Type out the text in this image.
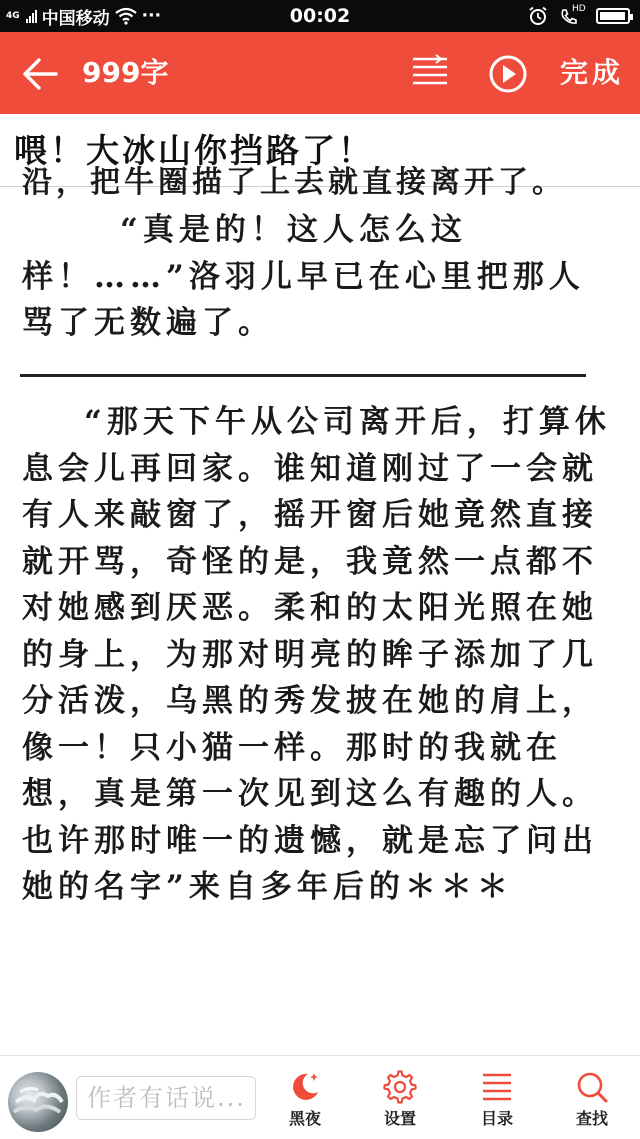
4G 中国移动 ···	00:02	HD
999字	完成
喂！大冰山你挡路了！
沿，把牛圈描了上去就直接离开了。

“真是的！这人怎么这样！……”洛羽儿早已在心里把那人骂了无数遍了。

“那天下午从公司离开后，打算休息会儿再回家。谁知道刚过了一会就有人来敲窗了，摇开窗后她竟然直接就开骂，奇怪的是，我竟然一点都不对她感到厌恶。柔和的太阳光照在她的身上，为那对明亮的眸子添加了几分活泼，乌黑的秀发披在她的肩上，像一！只小猫一样。那时的我就在想，真是第一次见到这么有趣的人。也许那时唯一的遗憾，就是忘了问出她的名字”来自多年后的＊＊＊

作者有话说...
黑夜	设置	目录	查找
